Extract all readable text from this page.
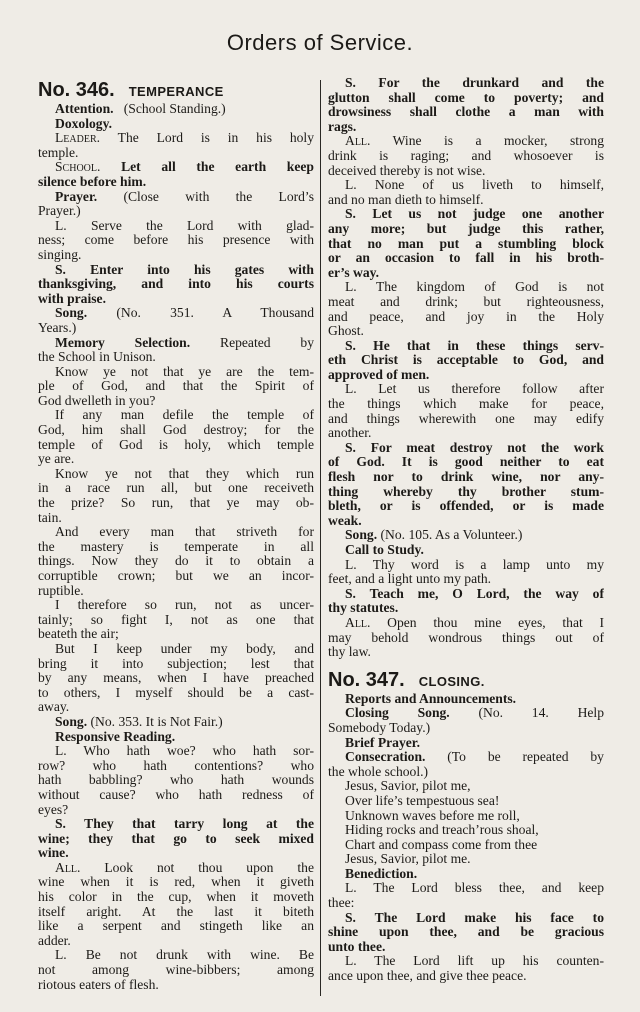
Orders of Service.
No. 346. TEMPERANCE
Attention. (School Standing.)
Doxology.
Leader. The Lord is in his holy
temple.
School. Let all the earth keep
silence before him.
Prayer. (Close with the Lord’s
Prayer.)
L. Serve the Lord with glad-
ness; come before his presence with
singing.
S. Enter into his gates with
thanksgiving, and into his courts
with praise.
Song. (No. 351. A Thousand
Years.)
Memory Selection. Repeated by
the School in Unison.
Know ye not that ye are the tem-
ple of God, and that the Spirit of
God dwelleth in you?
If any man defile the temple of
God, him shall God destroy; for the
temple of God is holy, which temple
ye are.
Know ye not that they which run
in a race run all, but one receiveth
the prize? So run, that ye may ob-
tain.
And every man that striveth for
the mastery is temperate in all
things. Now they do it to obtain a
corruptible crown; but we an incor-
ruptible.
I therefore so run, not as uncer-
tainly; so fight I, not as one that
beateth the air;
But I keep under my body, and
bring it into subjection; lest that
by any means, when I have preached
to others, I myself should be a cast-
away.
Song. (No. 353. It is Not Fair.)
Responsive Reading.
L. Who hath woe? who hath sor-
row? who hath contentions? who
hath babbling? who hath wounds
without cause? who hath redness of
eyes?
S. They that tarry long at the
wine; they that go to seek mixed
wine.
All. Look not thou upon the
wine when it is red, when it giveth
his color in the cup, when it moveth
itself aright. At the last it biteth
like a serpent and stingeth like an
adder.
L. Be not drunk with wine. Be
not among wine-bibbers; among
riotous eaters of flesh.
S. For the drunkard and the
glutton shall come to poverty; and
drowsiness shall clothe a man with
rags.
All. Wine is a mocker, strong
drink is raging; and whosoever is
deceived thereby is not wise.
L. None of us liveth to himself,
and no man dieth to himself.
S. Let us not judge one another
any more; but judge this rather,
that no man put a stumbling block
or an occasion to fall in his broth-
er’s way.
L. The kingdom of God is not
meat and drink; but righteousness,
and peace, and joy in the Holy
Ghost.
S. He that in these things serv-
eth Christ is acceptable to God, and
approved of men.
L. Let us therefore follow after
the things which make for peace,
and things wherewith one may edify
another.
S. For meat destroy not the work
of God. It is good neither to eat
flesh nor to drink wine, nor any-
thing whereby thy brother stum-
bleth, or is offended, or is made
weak.
Song. (No. 105. As a Volunteer.)
Call to Study.
L. Thy word is a lamp unto my
feet, and a light unto my path.
S. Teach me, O Lord, the way of
thy statutes.
All. Open thou mine eyes, that I
may behold wondrous things out of
thy law.
No. 347. CLOSING.
Reports and Announcements.
Closing Song. (No. 14. Help
Somebody Today.)
Brief Prayer.
Consecration. (To be repeated by
the whole school.)
Jesus, Savior, pilot me,
Over life’s tempestuous sea!
Unknown waves before me roll,
Hiding rocks and treach’rous shoal,
Chart and compass come from thee
Jesus, Savior, pilot me.
Benediction.
L. The Lord bless thee, and keep
thee:
S. The Lord make his face to
shine upon thee, and be gracious
unto thee.
L. The Lord lift up his counten-
ance upon thee, and give thee peace.
